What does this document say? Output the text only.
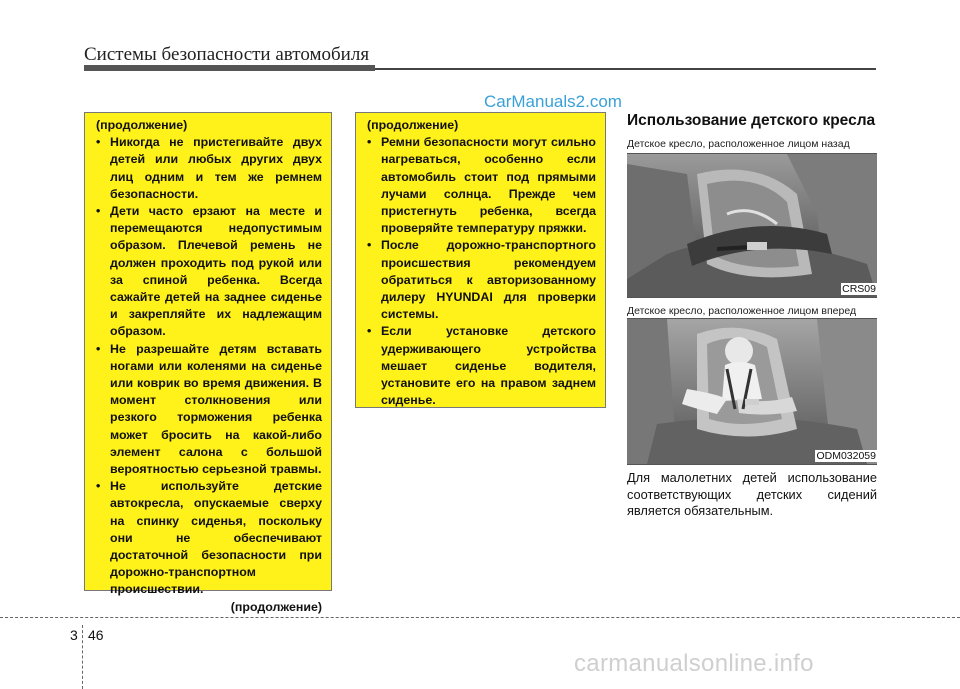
Системы безопасности автомобиля
CarManuals2.com
(продолжение)
• Никогда не пристегивайте двух детей или любых других двух лиц одним и тем же ремнем безопасности.
• Дети часто ерзают на месте и перемещаются недопустимым образом. Плечевой ремень не должен проходить под рукой или за спиной ребенка. Всегда сажайте детей на заднее сиденье и закрепляйте их надлежащим образом.
• Не разрешайте детям вставать ногами или коленями на сиденье или коврик во время движения. В момент столкновения или резкого торможения ребенка может бросить на какой-либо элемент салона с большой вероятностью серьезной травмы.
• Не используйте детские автокресла, опускаемые сверху на спинку сиденья, поскольку они не обеспечивают достаточной безопасности при дорожно-транспортном происшествии.
(продолжение)
(продолжение)
• Ремни безопасности могут сильно нагреваться, особенно если автомобиль стоит под прямыми лучами солнца. Прежде чем пристегнуть ребенка, всегда проверяйте температуру пряжки.
• После дорожно-транспортного происшествия рекомендуем обратиться к авторизованному дилеру HYUNDAI для проверки системы.
• Если установке детского удерживающего устройства мешает сиденье водителя, установите его на правом заднем сиденье.
Использование детского кресла
Детское кресло, расположенное лицом назад
CRS09
Детское кресло, расположенное лицом вперед
ODM032059
Для малолетних детей использование соответствующих детских сидений является обязательным.
3 46
carmanualsonline.info
